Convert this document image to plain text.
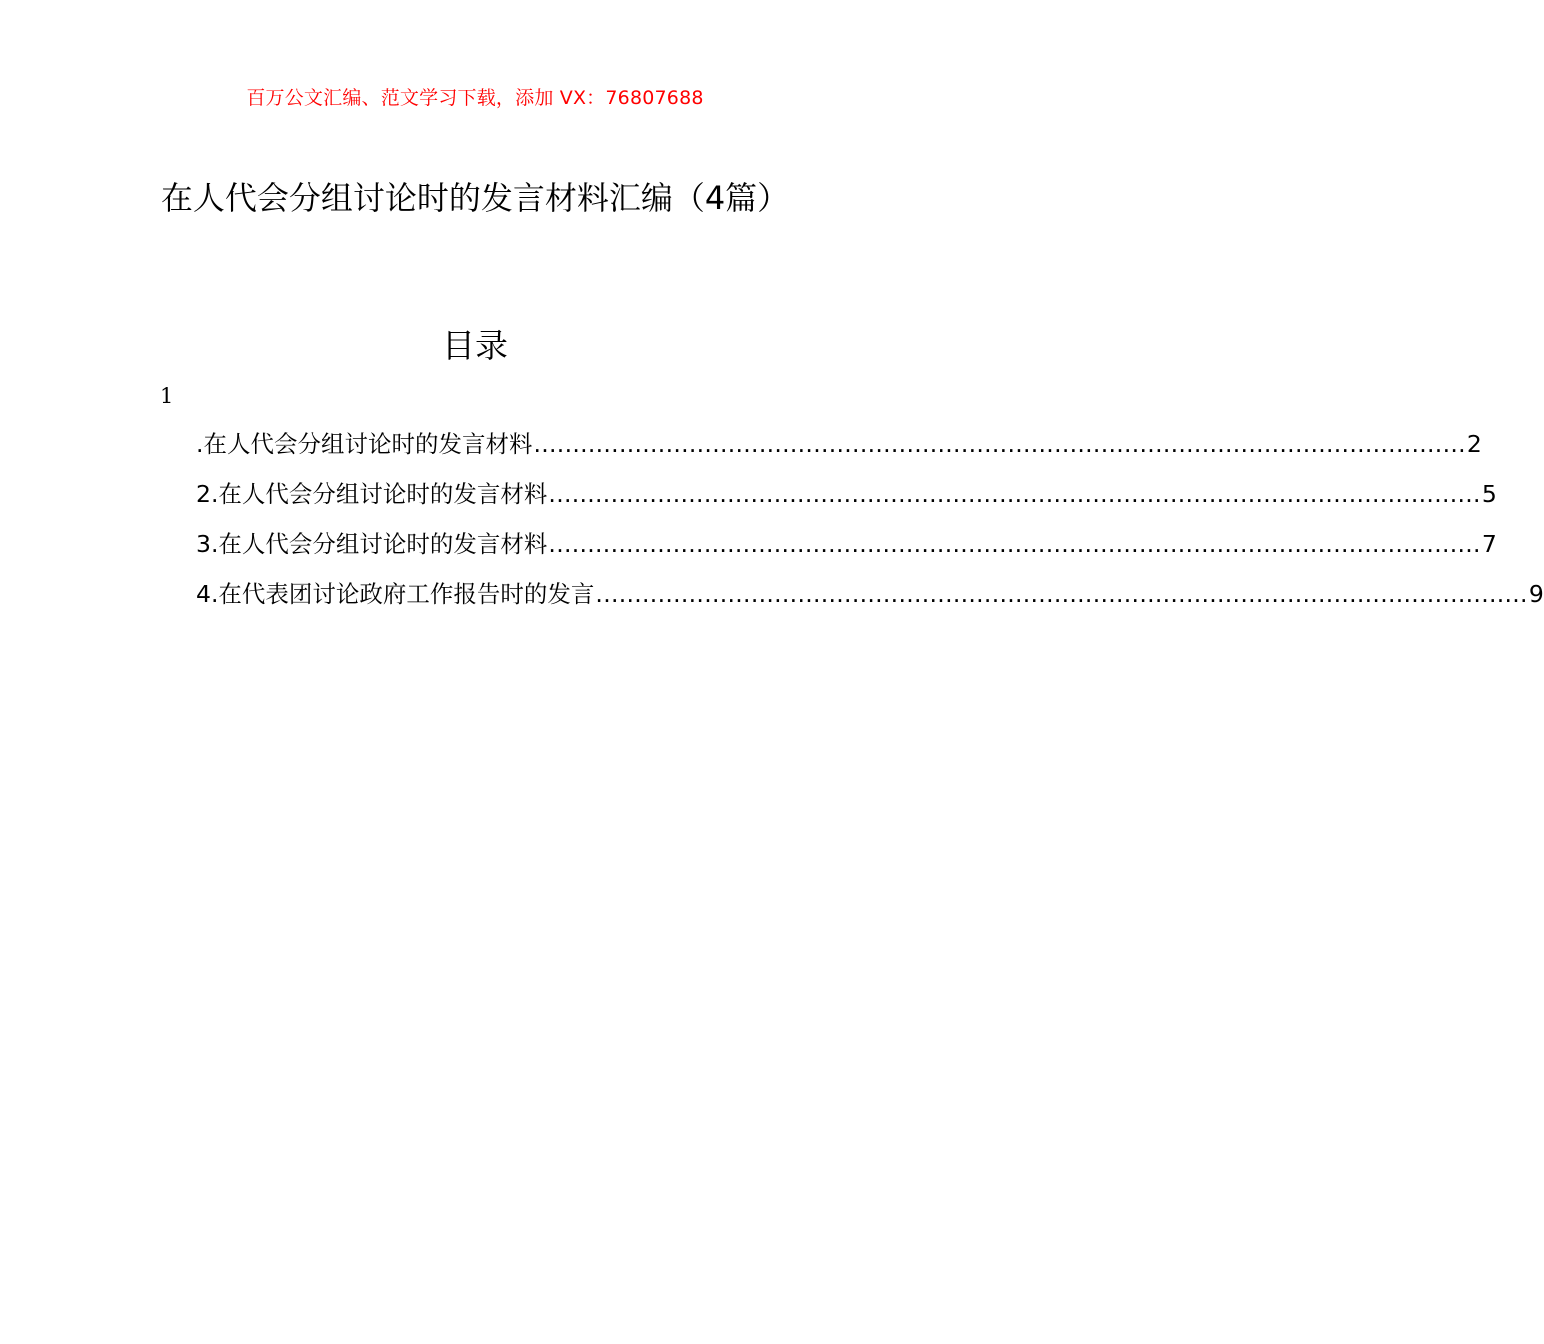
百万公文汇编、范文学习下载，添加 VX：76807688
在人代会分组讨论时的发言材料汇编（4篇）
目录
1
.在人代会分组讨论时的发言材料 ........................................................................................................................ 2
2.在人代会分组讨论时的发言材料 ........................................................................................................................ 5
3.在人代会分组讨论时的发言材料 ........................................................................................................................ 7
4.在代表团讨论政府工作报告时的发言 ........................................................................................................................ 9
